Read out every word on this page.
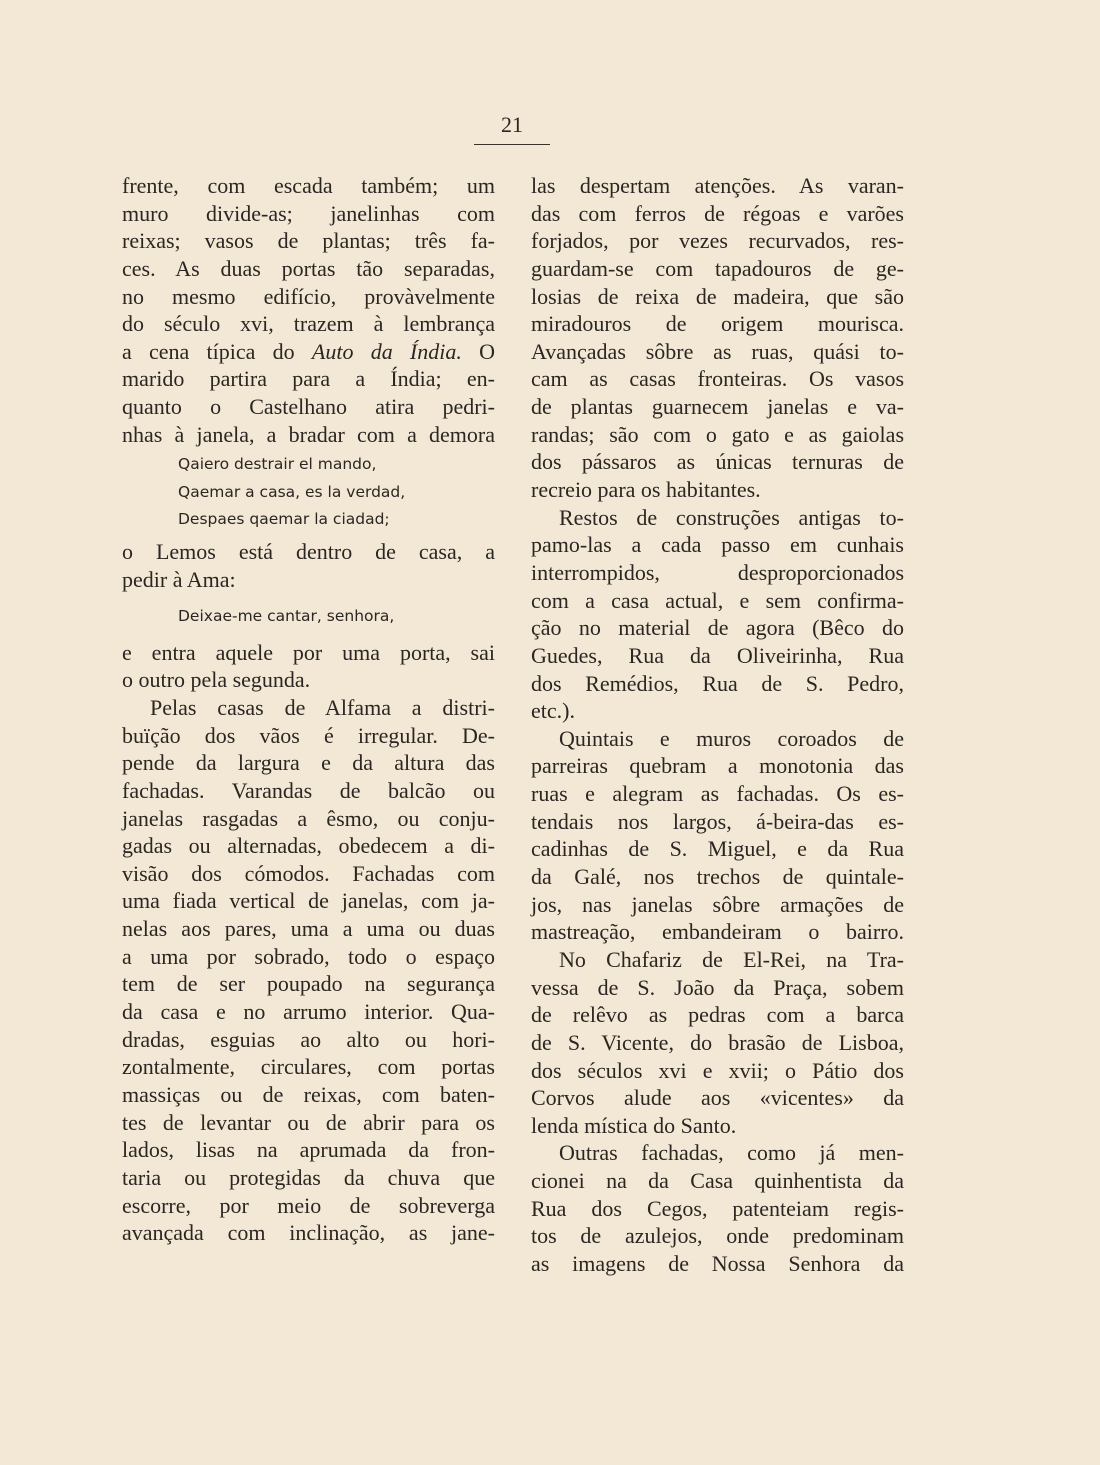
21
frente, com escada também; um
muro divide-as; janelinhas com
reixas; vasos de plantas; três fa-
ces. As duas portas tão separadas,
no mesmo edifício, provàvelmente
do século xvi, trazem à lembrança
a cena típica do Auto da Índia. O
marido partira para a Índia; en-
quanto o Castelhano atira pedri-
nhas à janela, a bradar com a demora
Qaiero destrair el mando,
Qaemar a casa, es la verdad,
Despaes qaemar la ciadad;
o Lemos está dentro de casa, a
pedir à Ama:
Deixae-me cantar, senhora,
e entra aquele por uma porta, sai
o outro pela segunda.
Pelas casas de Alfama a distri-
buïção dos vãos é irregular. De-
pende da largura e da altura das
fachadas. Varandas de balcão ou
janelas rasgadas a êsmo, ou conju-
gadas ou alternadas, obedecem a di-
visão dos cómodos. Fachadas com
uma fiada vertical de janelas, com ja-
nelas aos pares, uma a uma ou duas
a uma por sobrado, todo o espaço
tem de ser poupado na segurança
da casa e no arrumo interior. Qua-
dradas, esguias ao alto ou hori-
zontalmente, circulares, com portas
massiças ou de reixas, com baten-
tes de levantar ou de abrir para os
lados, lisas na aprumada da fron-
taria ou protegidas da chuva que
escorre, por meio de sobreverga
avançada com inclinação, as jane-
las despertam atenções. As varan-
das com ferros de régoas e varões
forjados, por vezes recurvados, res-
guardam-se com tapadouros de ge-
losias de reixa de madeira, que são
miradouros de origem mourisca.
Avançadas sôbre as ruas, quási to-
cam as casas fronteiras. Os vasos
de plantas guarnecem janelas e va-
randas; são com o gato e as gaiolas
dos pássaros as únicas ternuras de
recreio para os habitantes.
Restos de construções antigas to-
pamo-las a cada passo em cunhais
interrompidos, desproporcionados
com a casa actual, e sem confirma-
ção no material de agora (Bêco do
Guedes, Rua da Oliveirinha, Rua
dos Remédios, Rua de S. Pedro,
etc.).
Quintais e muros coroados de
parreiras quebram a monotonia das
ruas e alegram as fachadas. Os es-
tendais nos largos, á-beira-das es-
cadinhas de S. Miguel, e da Rua
da Galé, nos trechos de quintale-
jos, nas janelas sôbre armações de
mastreação, embandeiram o bairro.
No Chafariz de El-Rei, na Tra-
vessa de S. João da Praça, sobem
de relêvo as pedras com a barca
de S. Vicente, do brasão de Lisboa,
dos séculos xvi e xvii; o Pátio dos
Corvos alude aos «vicentes» da
lenda mística do Santo.
Outras fachadas, como já men-
cionei na da Casa quinhentista da
Rua dos Cegos, patenteiam regis-
tos de azulejos, onde predominam
as imagens de Nossa Senhora da
